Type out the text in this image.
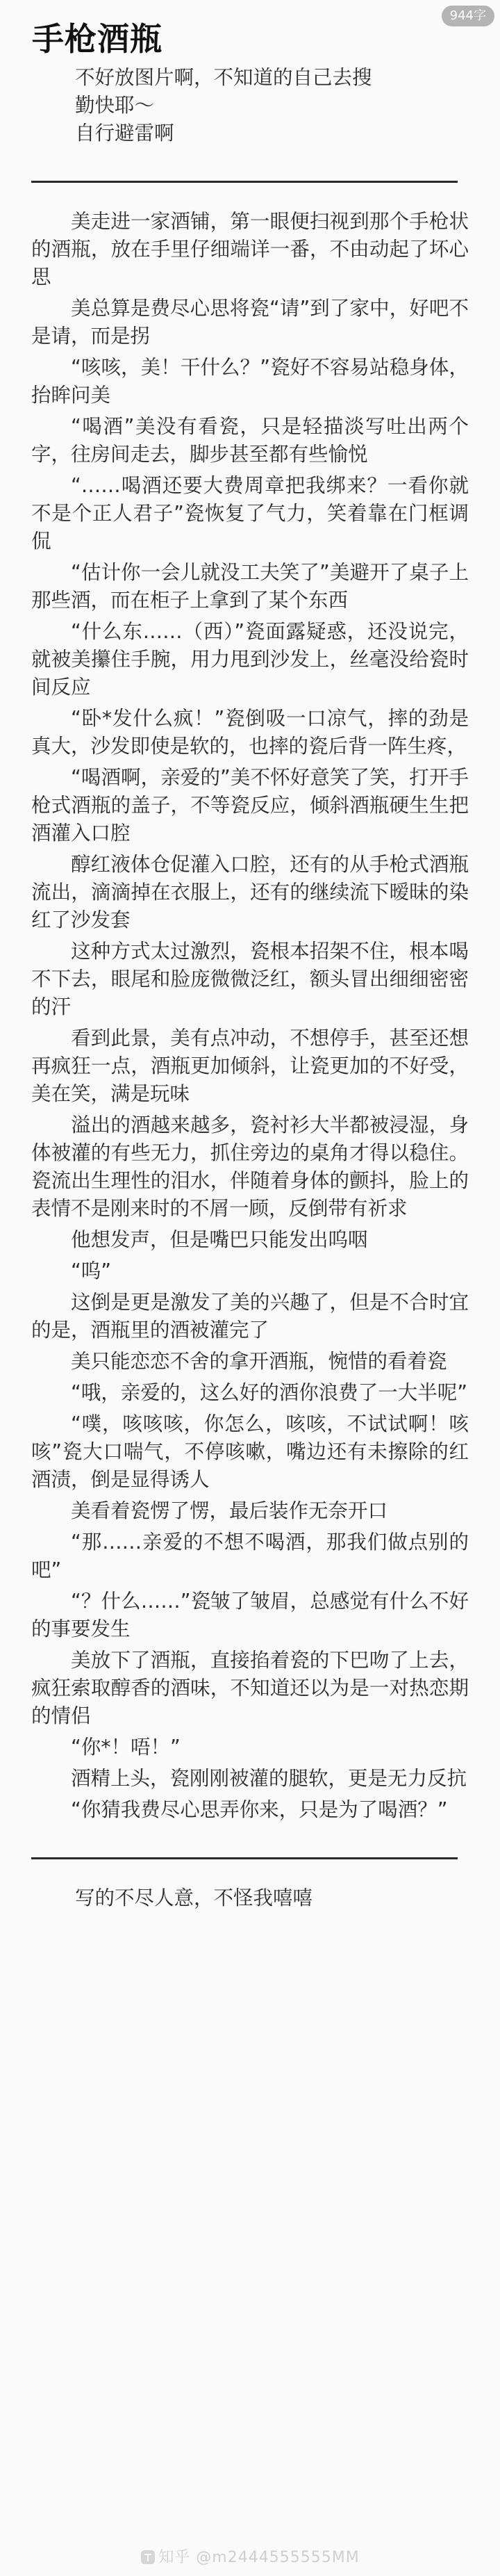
手枪酒瓶
944字

不好放图片啊，不知道的自己去搜

勤快耶～

自行避雷啊

美走进一家酒铺，第一眼便扫视到那个手枪状的酒瓶，放在手里仔细端详一番，不由动起了坏心思

美总算是费尽心思将瓷“请”到了家中，好吧不是请，而是拐

“咳咳，美！干什么？”瓷好不容易站稳身体，抬眸问美

“喝酒”美没有看瓷，只是轻描淡写吐出两个字，往房间走去，脚步甚至都有些愉悦

“……喝酒还要大费周章把我绑来？一看你就不是个正人君子”瓷恢复了气力，笑着靠在门框调侃

“估计你一会儿就没工夫笑了”美避开了桌子上那些酒，而在柜子上拿到了某个东西

“什么东……（西）”瓷面露疑惑，还没说完，就被美攥住手腕，用力甩到沙发上，丝毫没给瓷时间反应

“卧*发什么疯！”瓷倒吸一口凉气，摔的劲是真大，沙发即使是软的，也摔的瓷后背一阵生疼，

“喝酒啊，亲爱的”美不怀好意笑了笑，打开手枪式酒瓶的盖子，不等瓷反应，倾斜酒瓶硬生生把酒灌入口腔

醇红液体仓促灌入口腔，还有的从手枪式酒瓶流出，滴滴掉在衣服上，还有的继续流下暧昧的染红了沙发套

这种方式太过激烈，瓷根本招架不住，根本喝不下去，眼尾和脸庞微微泛红，额头冒出细细密密的汗

看到此景，美有点冲动，不想停手，甚至还想再疯狂一点，酒瓶更加倾斜，让瓷更加的不好受，美在笑，满是玩味

溢出的酒越来越多，瓷衬衫大半都被浸湿，身体被灌的有些无力，抓住旁边的桌角才得以稳住。瓷流出生理性的泪水，伴随着身体的颤抖，脸上的表情不是刚来时的不屑一顾，反倒带有祈求

他想发声，但是嘴巴只能发出呜咽

“呜”

这倒是更是激发了美的兴趣了，但是不合时宜的是，酒瓶里的酒被灌完了

美只能恋恋不舍的拿开酒瓶，惋惜的看着瓷

“哦，亲爱的，这么好的酒你浪费了一大半呢”

“噗，咳咳咳，你怎么，咳咳，不试试啊！咳咳”瓷大口喘气，不停咳嗽，嘴边还有未擦除的红酒渍，倒是显得诱人

美看着瓷愣了愣，最后装作无奈开口

“那……亲爱的不想不喝酒，那我们做点别的吧”

“？什么……”瓷皱了皱眉，总感觉有什么不好的事要发生

美放下了酒瓶，直接掐着瓷的下巴吻了上去，疯狂索取醇香的酒味，不知道还以为是一对热恋期的情侣

“你*！唔！”

酒精上头，瓷刚刚被灌的腿软，更是无力反抗

“你猜我费尽心思弄你来，只是为了喝酒？”

写的不尽人意，不怪我嘻嘻

知乎 @m2444555555MM
